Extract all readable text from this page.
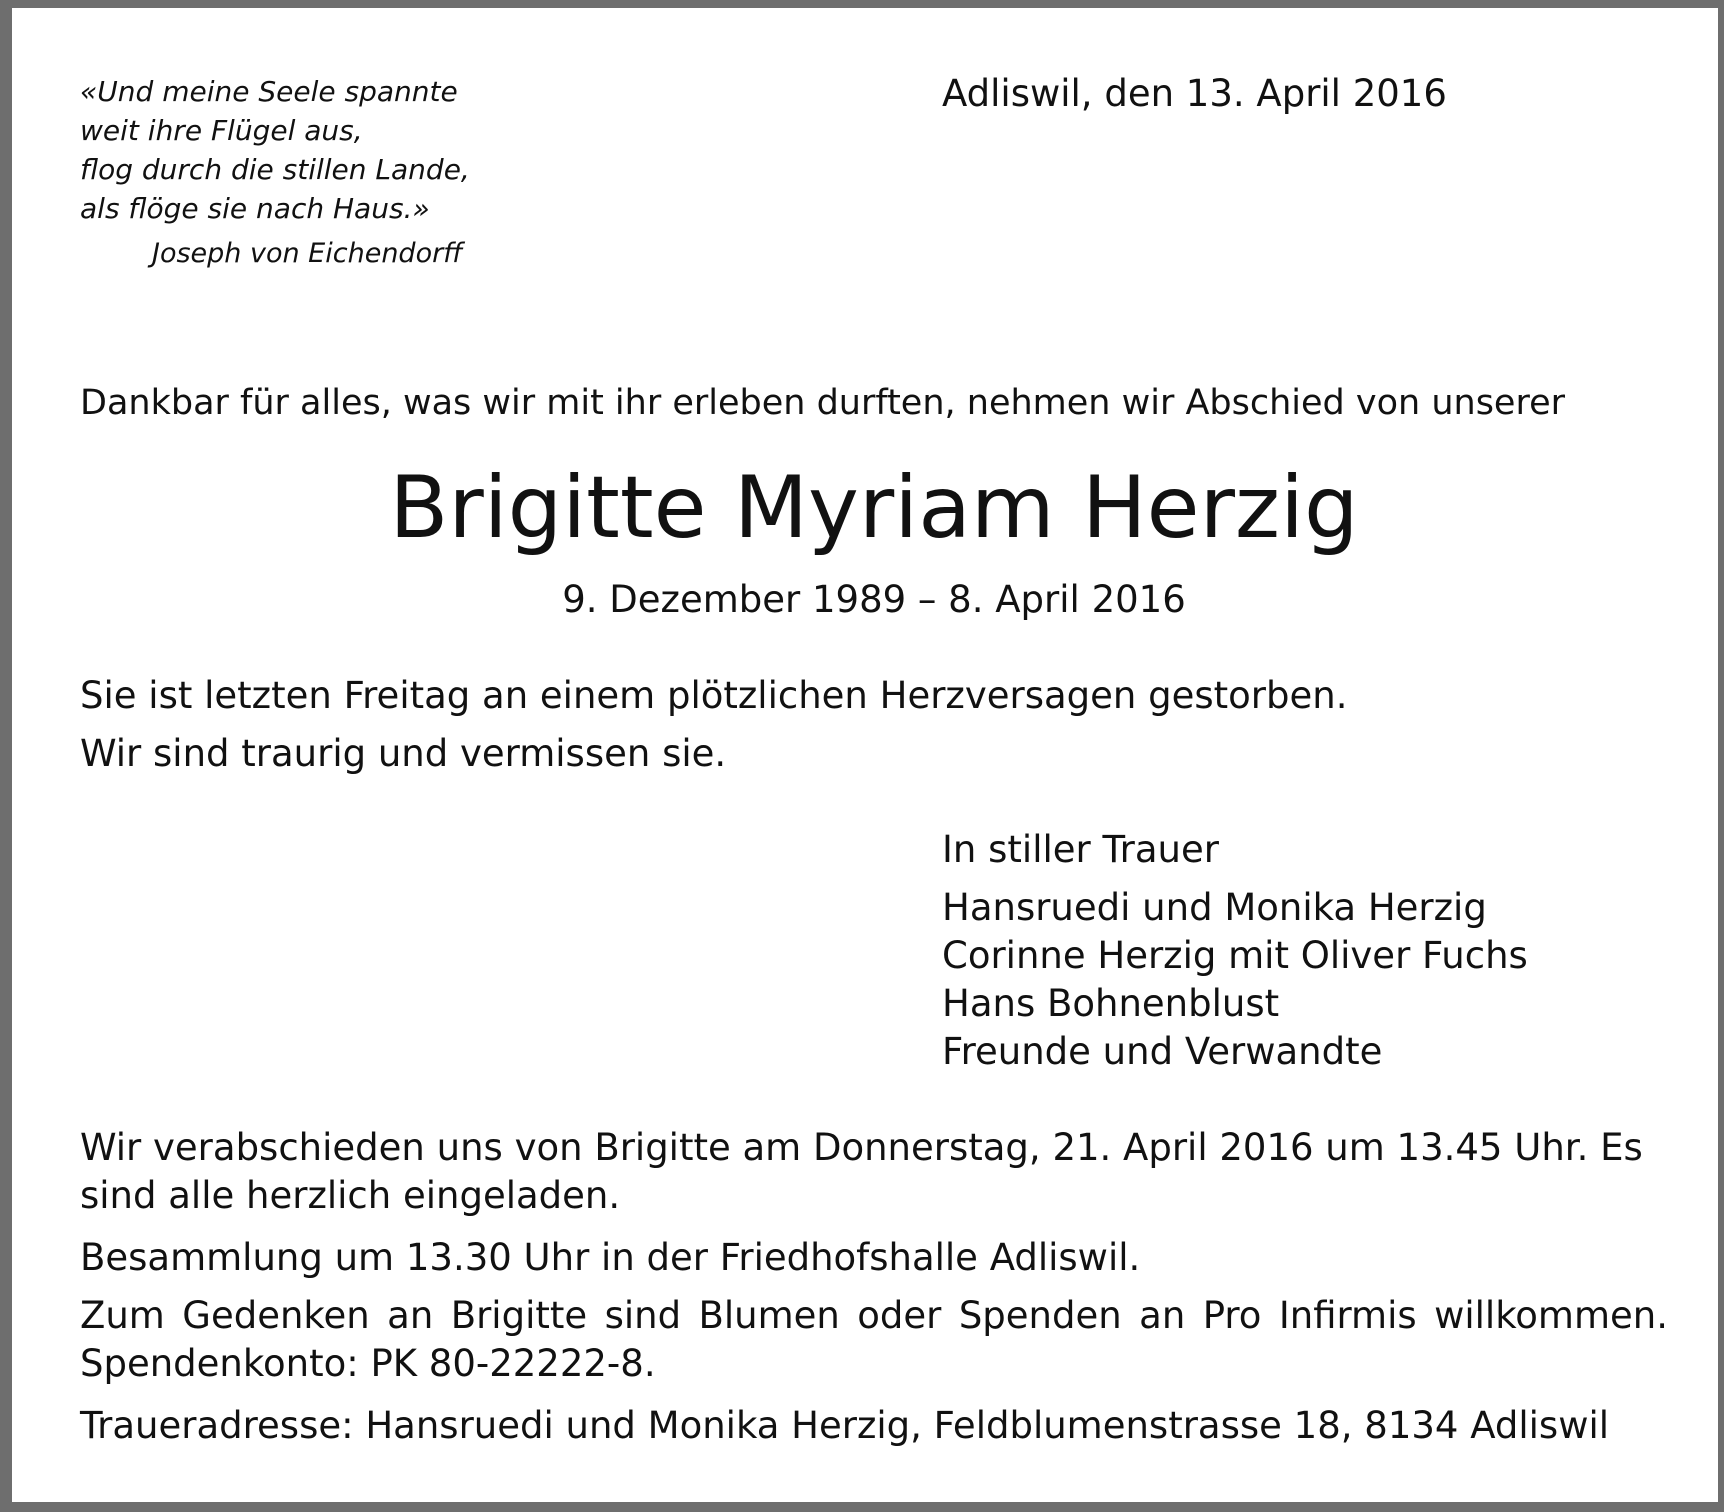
«Und meine Seele spannte
weit ihre Flügel aus,
flog durch die stillen Lande,
als flöge sie nach Haus.»
Joseph von Eichendorff
Adliswil, den 13. April 2016
Dankbar für alles, was wir mit ihr erleben durften, nehmen wir Abschied von unserer
Brigitte Myriam Herzig
9. Dezember 1989 – 8. April 2016
Sie ist letzten Freitag an einem plötzlichen Herzversagen gestorben.
Wir sind traurig und vermissen sie.
In stiller Trauer
Hansruedi und Monika Herzig
Corinne Herzig mit Oliver Fuchs
Hans Bohnenblust
Freunde und Verwandte

Wir verabschieden uns von Brigitte am Donnerstag, 21. April 2016 um 13.45 Uhr. Es sind alle herzlich eingeladen.

Besammlung um 13.30 Uhr in der Friedhofshalle Adliswil.

Zum Gedenken an Brigitte sind Blumen oder Spenden an Pro Infirmis willkommen. Spendenkonto: PK 80-22222-8.

Traueradresse: Hansruedi und Monika Herzig, Feldblumenstrasse 18, 8134 Adliswil
